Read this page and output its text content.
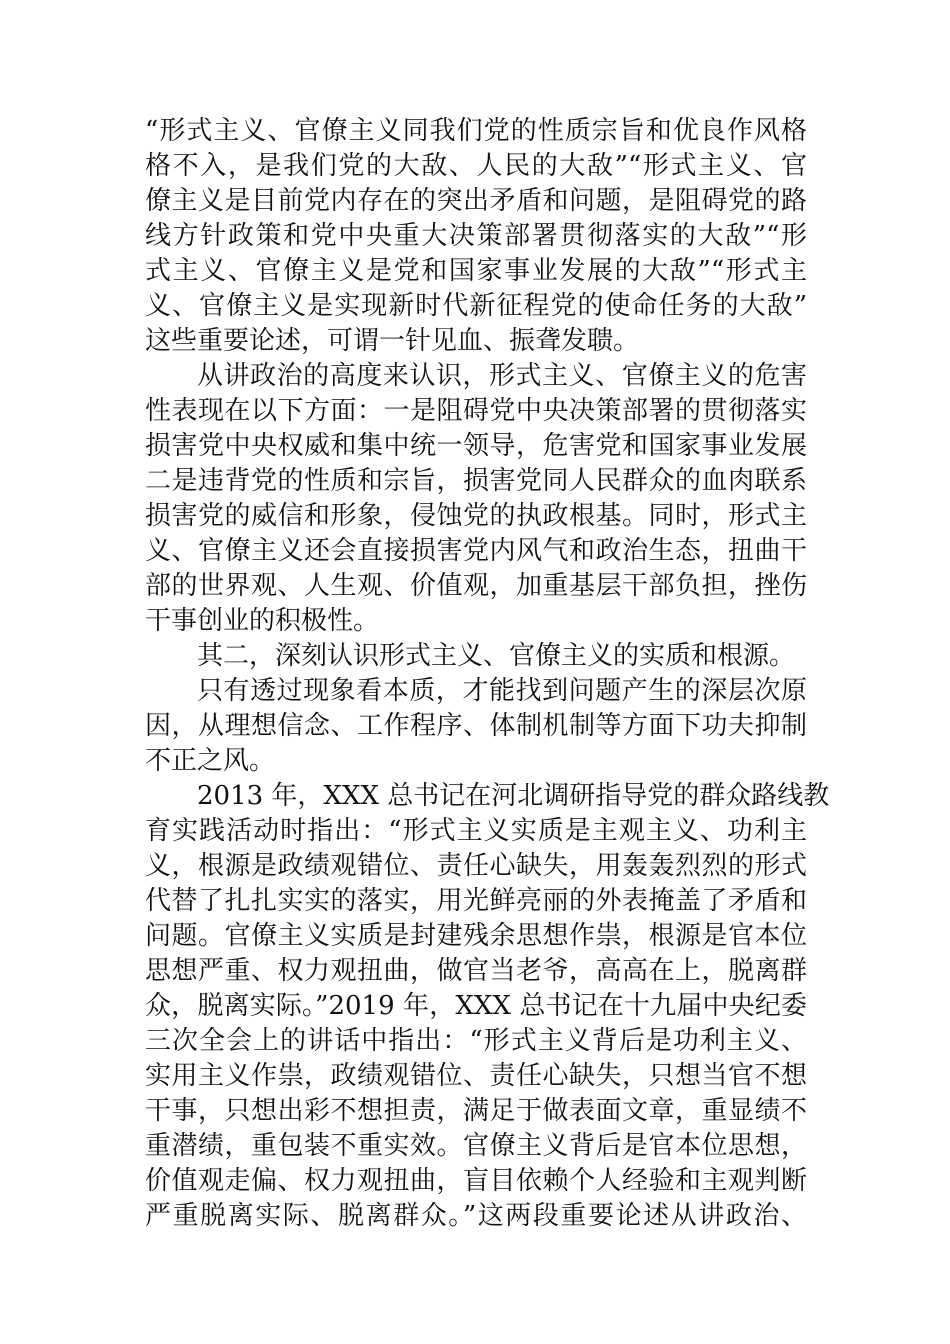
“形式主义、官僚主义同我们党的性质宗旨和优良作风格
格不入，是我们党的大敌、人民的大敌”“形式主义、官
僚主义是目前党内存在的突出矛盾和问题，是阻碍党的路
线方针政策和党中央重大决策部署贯彻落实的大敌”“形
式主义、官僚主义是党和国家事业发展的大敌”“形式主
义、官僚主义是实现新时代新征程党的使命任务的大敌”
这些重要论述，可谓一针见血、振聋发聩。
从讲政治的高度来认识，形式主义、官僚主义的危害
性表现在以下方面：一是阻碍党中央决策部署的贯彻落实
损害党中央权威和集中统一领导，危害党和国家事业发展
二是违背党的性质和宗旨，损害党同人民群众的血肉联系
损害党的威信和形象，侵蚀党的执政根基。同时，形式主
义、官僚主义还会直接损害党内风气和政治生态，扭曲干
部的世界观、人生观、价值观，加重基层干部负担，挫伤
干事创业的积极性。
其二，深刻认识形式主义、官僚主义的实质和根源。
只有透过现象看本质，才能找到问题产生的深层次原
因，从理想信念、工作程序、体制机制等方面下功夫抑制
不正之风。
2013 年，XXX 总书记在河北调研指导党的群众路线教
育实践活动时指出：“形式主义实质是主观主义、功利主
义，根源是政绩观错位、责任心缺失，用轰轰烈烈的形式
代替了扎扎实实的落实，用光鲜亮丽的外表掩盖了矛盾和
问题。官僚主义实质是封建残余思想作祟，根源是官本位
思想严重、权力观扭曲，做官当老爷，高高在上，脱离群
众，脱离实际。”2019 年，XXX 总书记在十九届中央纪委
三次全会上的讲话中指出：“形式主义背后是功利主义、
实用主义作祟，政绩观错位、责任心缺失，只想当官不想
干事，只想出彩不想担责，满足于做表面文章，重显绩不
重潜绩，重包装不重实效。官僚主义背后是官本位思想，
价值观走偏、权力观扭曲，盲目依赖个人经验和主观判断
严重脱离实际、脱离群众。”这两段重要论述从讲政治、
